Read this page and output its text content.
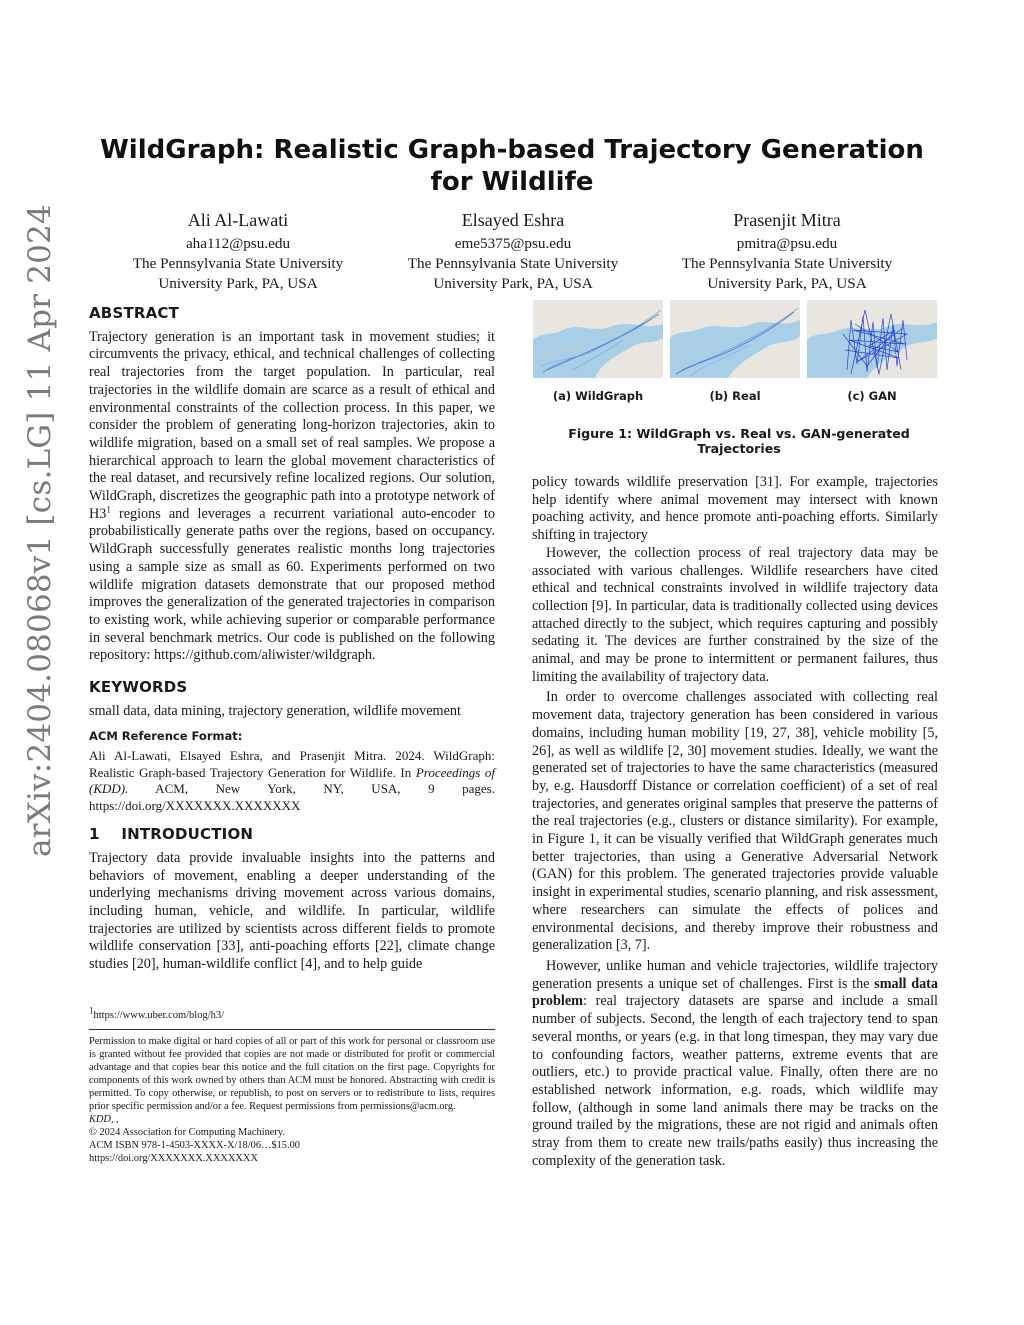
arXiv:2404.08068v1 [cs.LG] 11 Apr 2024
WildGraph: Realistic Graph-based Trajectory Generation for Wildlife
Ali Al-Lawati
aha112@psu.edu
The Pennsylvania State University
University Park, PA, USA
Elsayed Eshra
eme5375@psu.edu
The Pennsylvania State University
University Park, PA, USA
Prasenjit Mitra
pmitra@psu.edu
The Pennsylvania State University
University Park, PA, USA
ABSTRACT

Trajectory generation is an important task in movement studies; it circumvents the privacy, ethical, and technical challenges of collecting real trajectories from the target population. In particular, real trajectories in the wildlife domain are scarce as a result of ethical and environmental constraints of the collection process. In this paper, we consider the problem of generating long-horizon trajectories, akin to wildlife migration, based on a small set of real samples. We propose a hierarchical approach to learn the global movement characteristics of the real dataset, and recursively refine localized regions. Our solution, WildGraph, discretizes the geographic path into a prototype network of $H3^1$ regions and leverages a recurrent variational auto-encoder to probabilistically generate paths over the regions, based on occupancy. WildGraph successfully generates realistic months long trajectories using a sample size as small as 60. Experiments performed on two wildlife migration datasets demonstrate that our proposed method improves the generalization of the generated trajectories in comparison to existing work, while achieving superior or comparable performance in several benchmark metrics. Our code is published on the following repository: https://github.com/aliwister/wildgraph.

KEYWORDS

small data, data mining, trajectory generation, wildlife movement

ACM Reference Format:

Ali Al-Lawati, Elsayed Eshra, and Prasenjit Mitra. 2024. WildGraph: Realistic Graph-based Trajectory Generation for Wildlife. In Proceedings of (KDD). ACM, New York, NY, USA, 9 pages. https://doi.org/XXXXXXX.XXXXXXX

1 INTRODUCTION

Trajectory data provide invaluable insights into the patterns and behaviors of movement, enabling a deeper understanding of the underlying mechanisms driving movement across various domains, including human, vehicle, and wildlife. In particular, wildlife trajectories are utilized by scientists across different fields to promote wildlife conservation [33], anti-poaching efforts [22], climate change studies [20], human-wildlife conflict [4], and to help guide

$^1$https://www.uber.com/blog/h3/

Permission to make digital or hard copies of all or part of this work for personal or classroom use is granted without fee provided that copies are not made or distributed for profit or commercial advantage and that copies bear this notice and the full citation on the first page. Copyrights for components of this work owned by others than ACM must be honored. Abstracting with credit is permitted. To copy otherwise, or republish, to post on servers or to redistribute to lists, requires prior specific permission and/or a fee. Request permissions from permissions@acm.org.

KDD, ,

© 2024 Association for Computing Machinery.

ACM ISBN 978-1-4503-XXXX-X/18/06…$15.00

https://doi.org/XXXXXXX.XXXXXXX

(a) WildGraph	(b) Real	(c) GAN
Figure 1: WildGraph vs. Real vs. GAN-generated Trajectories

policy towards wildlife preservation [31]. For example, trajectories help identify where animal movement may intersect with known poaching activity, and hence promote anti-poaching efforts. Similarly shifting in trajectory

However, the collection process of real trajectory data may be associated with various challenges. Wildlife researchers have cited ethical and technical constraints involved in wildlife trajectory data collection [9]. In particular, data is traditionally collected using devices attached directly to the subject, which requires capturing and possibly sedating it. The devices are further constrained by the size of the animal, and may be prone to intermittent or permanent failures, thus limiting the availability of trajectory data.

In order to overcome challenges associated with collecting real movement data, trajectory generation has been considered in various domains, including human mobility [19, 27, 38], vehicle mobility [5, 26], as well as wildlife [2, 30] movement studies. Ideally, we want the generated set of trajectories to have the same characteristics (measured by, e.g. Hausdorff Distance or correlation coefficient) of a set of real trajectories, and generates original samples that preserve the patterns of the real trajectories (e.g., clusters or distance similarity). For example, in Figure 1, it can be visually verified that WildGraph generates much better trajectories, than using a Generative Adversarial Network (GAN) for this problem. The generated trajectories provide valuable insight in experimental studies, scenario planning, and risk assessment, where researchers can simulate the effects of polices and environmental decisions, and thereby improve their robustness and generalization [3, 7].

However, unlike human and vehicle trajectories, wildlife trajectory generation presents a unique set of challenges. First is the small data problem: real trajectory datasets are sparse and include a small number of subjects. Second, the length of each trajectory tend to span several months, or years (e.g. in that long timespan, they may vary due to confounding factors, weather patterns, extreme events that are outliers, etc.) to provide practical value. Finally, often there are no established network information, e.g. roads, which wildlife may follow, (although in some land animals there may be tracks on the ground trailed by the migrations, these are not rigid and animals often stray from them to create new trails/paths easily) thus increasing the complexity of the generation task.
